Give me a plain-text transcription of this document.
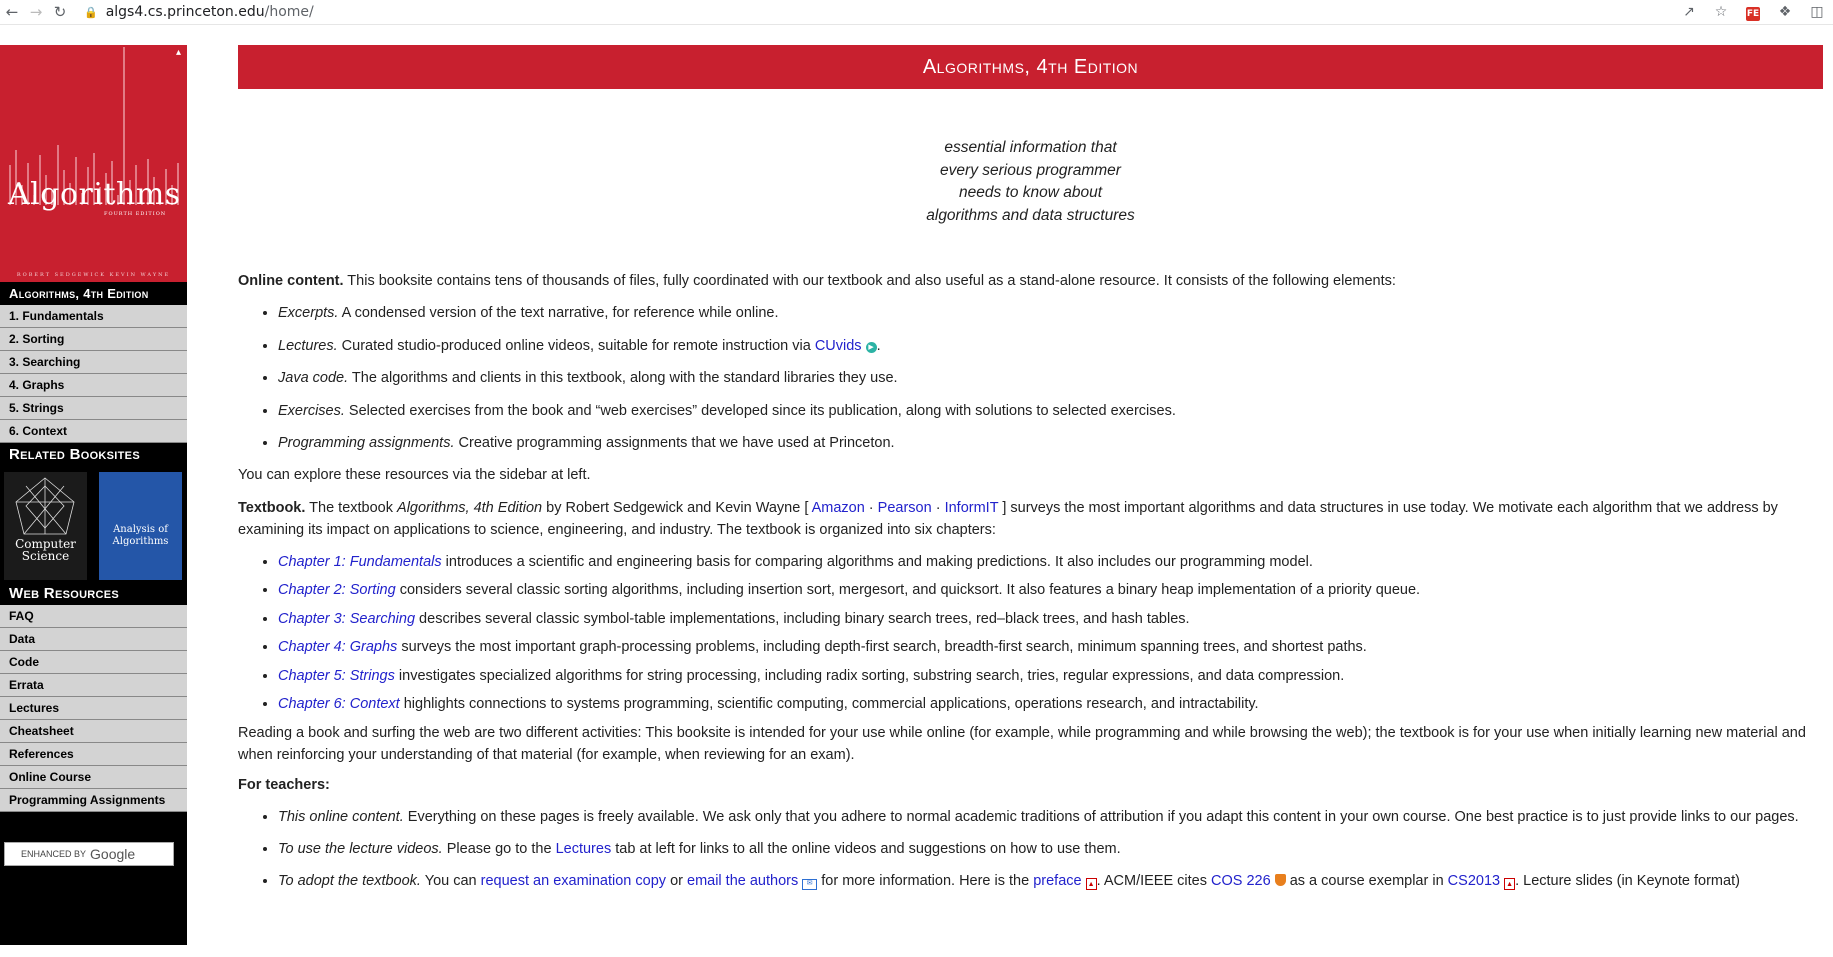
← → ↻	🔒 algs4.cs.princeton.edu/home/	↗	☆	FE	❖	◫
▴
Algorithms
FOURTH EDITION
ROBERT SEDGEWICK KEVIN WAYNE
Algorithms, 4th Edition
1. Fundamentals
2. Sorting
3. Searching
4. Graphs
5. Strings
6. Context
Related Booksites
Computer Science
Analysis of Algorithms
Web Resources
FAQ
Data
Code
Errata
Lectures
Cheatsheet
References
Online Course
Programming Assignments
ENHANCED BY Google
Algorithms, 4th Edition
essential information that
every serious programmer
needs to know about
algorithms and data structures

Online content. This booksite contains tens of thousands of files, fully coordinated with our textbook and also useful as a stand-alone resource. It consists of the following elements:

• Excerpts. A condensed version of the text narrative, for reference while online.
• Lectures. Curated studio-produced online videos, suitable for remote instruction via CUvids ▶ .
• Java code. The algorithms and clients in this textbook, along with the standard libraries they use.
• Exercises. Selected exercises from the book and “web exercises” developed since its publication, along with solutions to selected exercises.
• Programming assignments. Creative programming assignments that we have used at Princeton.

You can explore these resources via the sidebar at left.

Textbook. The textbook Algorithms, 4th Edition by Robert Sedgewick and Kevin Wayne [ Amazon · Pearson · InformIT ] surveys the most important algorithms and data structures in use today. We motivate each algorithm that we address by examining its impact on applications to science, engineering, and industry. The textbook is organized into six chapters:

• Chapter 1: Fundamentals introduces a scientific and engineering basis for comparing algorithms and making predictions. It also includes our programming model.
• Chapter 2: Sorting considers several classic sorting algorithms, including insertion sort, mergesort, and quicksort. It also features a binary heap implementation of a priority queue.
• Chapter 3: Searching describes several classic symbol-table implementations, including binary search trees, red–black trees, and hash tables.
• Chapter 4: Graphs surveys the most important graph-processing problems, including depth-first search, breadth-first search, minimum spanning trees, and shortest paths.
• Chapter 5: Strings investigates specialized algorithms for string processing, including radix sorting, substring search, tries, regular expressions, and data compression.
• Chapter 6: Context highlights connections to systems programming, scientific computing, commercial applications, operations research, and intractability.

Reading a book and surfing the web are two different activities: This booksite is intended for your use while online (for example, while programming and while browsing the web); the textbook is for your use when initially learning new material and when reinforcing your understanding of that material (for example, when reviewing for an exam).

For teachers:

• This online content. Everything on these pages is freely available. We ask only that you adhere to normal academic traditions of attribution if you adapt this content in your own course. One best practice is to just provide links to our pages.
• To use the lecture videos. Please go to the Lectures tab at left for links to all the online videos and suggestions on how to use them.
• To adopt the textbook. You can request an examination copy or email the authors ✉ for more information. Here is the preface ▲ . ACM/IEEE cites COS 226 as a course exemplar in CS2013 ▲ . Lecture slides (in Keynote format)
